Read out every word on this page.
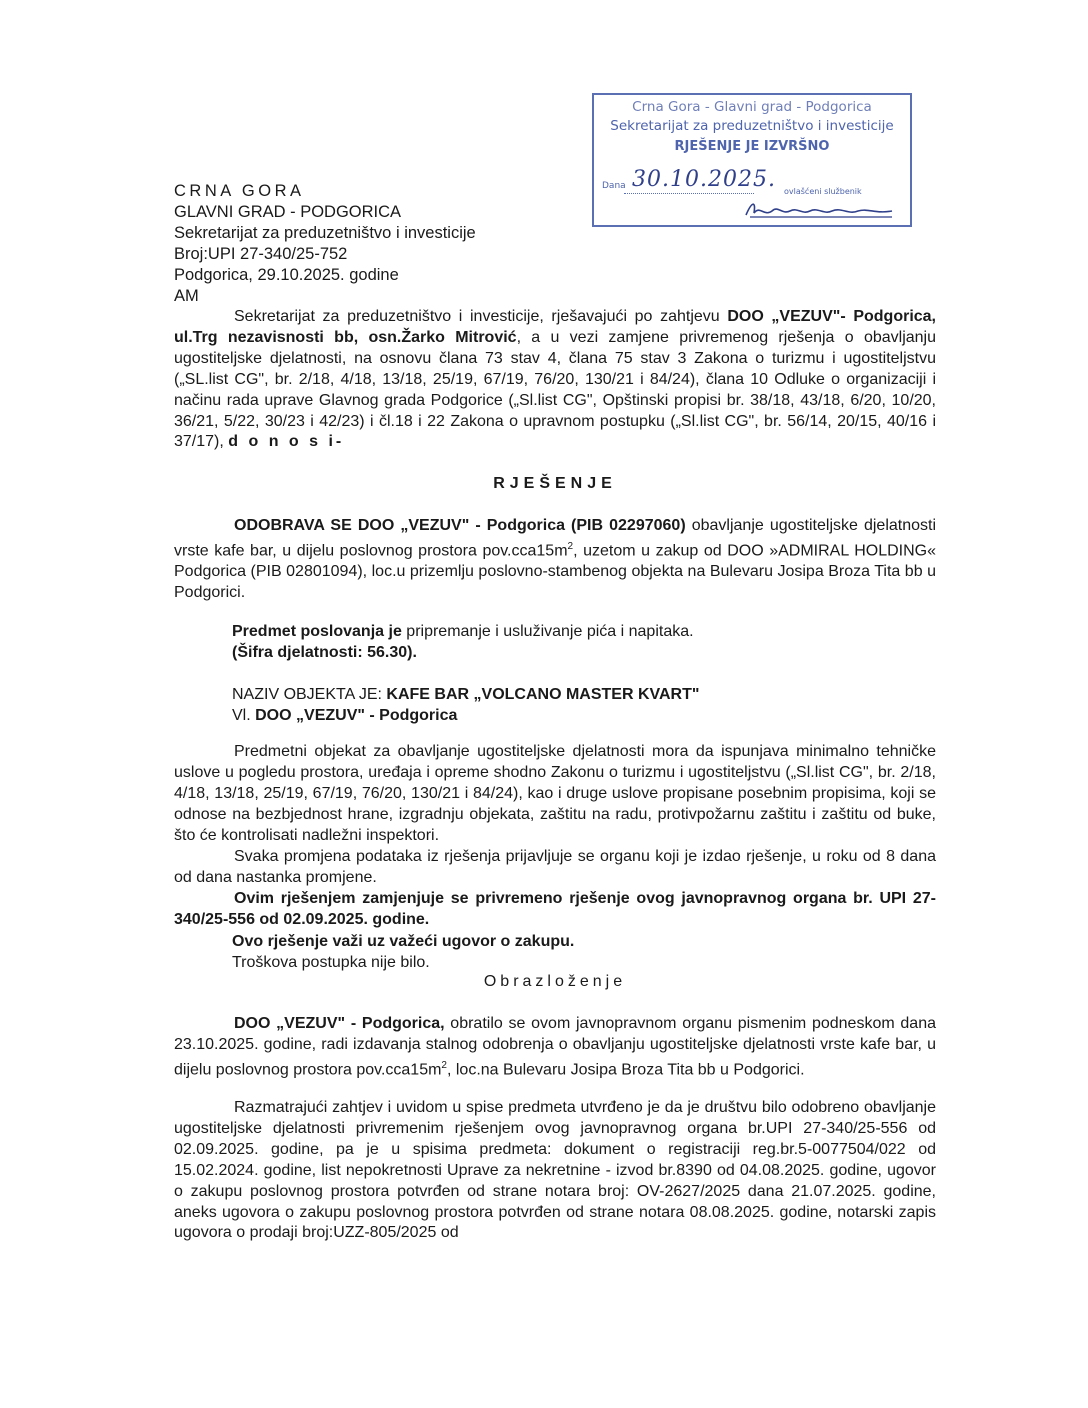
Crna Gora - Glavni grad - Podgorica
Sekretarijat za preduzetništvo i investicije
RJEŠENJE JE IZVRŠNO
Dana 30.10.2025. ovlašćeni službenik
CRNA GORA
GLAVNI GRAD - PODGORICA
Sekretarijat za preduzetništvo i investicije
Broj:UPI 27-340/25-752
Podgorica, 29.10.2025. godine
AM
Sekretarijat za preduzetništvo i investicije, rješavajući po zahtjevu DOO „VEZUV"- Podgorica, ul.Trg nezavisnosti bb, osn.Žarko Mitrović, a u vezi zamjene privremenog rješenja o obavljanju ugostiteljske djelatnosti, na osnovu člana 73 stav 4, člana 75 stav 3 Zakona o turizmu i ugostiteljstvu („SL.list CG", br. 2/18, 4/18, 13/18, 25/19, 67/19, 76/20, 130/21 i 84/24), člana 10 Odluke o organizaciji i načinu rada uprave Glavnog grada Podgorice („Sl.list CG", Opštinski propisi br. 38/18, 43/18, 6/20, 10/20, 36/21, 5/22, 30/23 i 42/23) i čl.18 i 22 Zakona o upravnom postupku („Sl.list CG", br. 56/14, 20/15, 40/16 i 37/17), d o n o s i-
RJEŠENJE
ODOBRAVA SE DOO „VEZUV" - Podgorica (PIB 02297060) obavljanje ugostiteljske djelatnosti vrste kafe bar, u dijelu poslovnog prostora $pov.cca15m^2$, uzetom u zakup od DOO »ADMIRAL HOLDING« Podgorica (PIB 02801094), loc.u prizemlju poslovno-stambenog objekta na Bulevaru Josipa Broza Tita bb u Podgorici.
Predmet poslovanja je pripremanje i usluživanje pića i napitaka.
(Šifra djelatnosti: 56.30).
NAZIV OBJEKTA JE: KAFE BAR „VOLCANO MASTER KVART"
Vl. DOO „VEZUV" - Podgorica
Predmetni objekat za obavljanje ugostiteljske djelatnosti mora da ispunjava minimalno tehničke uslove u pogledu prostora, uređaja i opreme shodno Zakonu o turizmu i ugostiteljstvu („Sl.list CG", br. 2/18, 4/18, 13/18, 25/19, 67/19, 76/20, 130/21 i 84/24), kao i druge uslove propisane posebnim propisima, koji se odnose na bezbjednost hrane, izgradnju objekata, zaštitu na radu, protivpožarnu zaštitu i zaštitu od buke, što će kontrolisati nadležni inspektori.
Svaka promjena podataka iz rješenja prijavljuje se organu koji je izdao rješenje, u roku od 8 dana od dana nastanka promjene.
Ovim rješenjem zamjenjuje se privremeno rješenje ovog javnopravnog organa br. UPI 27-340/25-556 od 02.09.2025. godine.
Ovo rješenje važi uz važeći ugovor o zakupu.
Troškova postupka nije bilo.
Obrazloženje
DOO „VEZUV" - Podgorica, obratilo se ovom javnopravnom organu pismenim podneskom dana 23.10.2025. godine, radi izdavanja stalnog odobrenja o obavljanju ugostiteljske djelatnosti vrste kafe bar, u dijelu poslovnog prostora $pov.cca15m^2$, loc.na Bulevaru Josipa Broza Tita bb u Podgorici.
Razmatrajući zahtjev i uvidom u spise predmeta utvrđeno je da je društvu bilo odobreno obavljanje ugostiteljske djelatnosti privremenim rješenjem ovog javnopravnog organa br.UPI 27-340/25-556 od 02.09.2025. godine, pa je u spisima predmeta: dokument o registraciji reg.br.5-0077504/022 od 15.02.2024. godine, list nepokretnosti Uprave za nekretnine - izvod br.8390 od 04.08.2025. godine, ugovor o zakupu poslovnog prostora potvrđen od strane notara broj: OV-2627/2025 dana 21.07.2025. godine, aneks ugovora o zakupu poslovnog prostora potvrđen od strane notara 08.08.2025. godine, notarski zapis ugovora o prodaji broj:UZZ-805/2025 od
